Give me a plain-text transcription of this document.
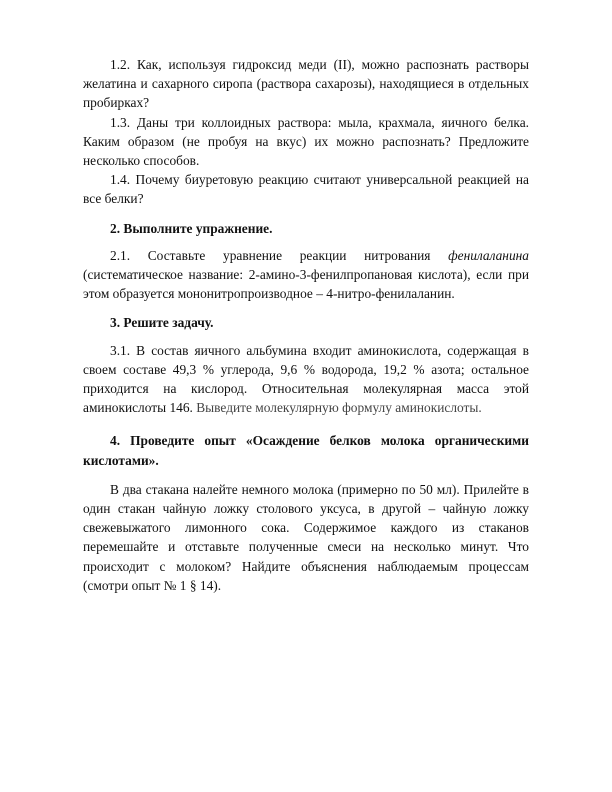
1.2. Как, используя гидроксид меди (II), можно распознать растворы желатина и сахарного сиропа (раствора сахарозы), находящиеся в отдельных пробирках?

1.3. Даны три коллоидных раствора: мыла, крахмала, яичного белка. Каким образом (не пробуя на вкус) их можно распознать? Предложите несколько способов.

1.4. Почему биуретовую реакцию считают универсальной реакцией на все белки?

2. Выполните упражнение.

2.1. Составьте уравнение реакции нитрования фенилаланина (систематическое название: 2-амино-3-фенилпропановая кислота), если при этом образуется мононитропроизводное – 4-нитро-фенилаланин.

3. Решите задачу.

3.1. В состав яичного альбумина входит аминокислота, содержащая в своем составе 49,3 % углерода, 9,6 % водорода, 19,2 % азота; остальное приходится на кислород. Относительная молекулярная масса этой аминокислоты 146. Выведите молекулярную формулу аминокислоты.

4. Проведите опыт «Осаждение белков молока органическими кислотами».

В два стакана налейте немного молока (примерно по 50 мл). Прилейте в один стакан чайную ложку столового уксуса, в другой – чайную ложку свежевыжатого лимонного сока. Содержимое каждого из стаканов перемешайте и отставьте полученные смеси на несколько минут. Что происходит с молоком? Найдите объяснения наблюдаемым процессам (смотри опыт № 1 § 14).
